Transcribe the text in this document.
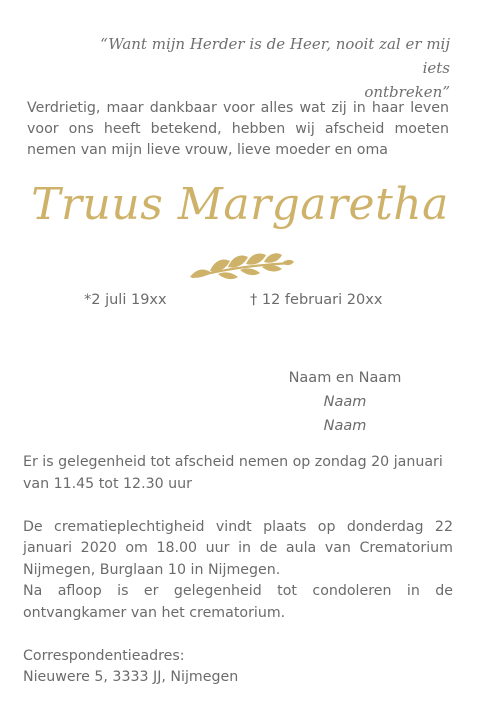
“Want mijn Herder is de Heer, nooit zal er mij iets
ontbreken”
Verdrietig, maar dankbaar voor alles wat zij in haar leven voor ons heeft betekend, hebben wij afscheid moeten nemen van mijn lieve vrouw, lieve moeder en oma
Truus Margaretha
*2 juli 19xx	† 12 februari 20xx
Naam en Naam
Naam
Naam

Er is gelegenheid tot afscheid nemen op zondag 20 januari van 11.45 tot 12.30 uur

De crematieplechtigheid vindt plaats op donderdag 22 januari 2020 om 18.00 uur in de aula van Crematorium Nijmegen, Burglaan 10 in Nijmegen.

Na afloop is er gelegenheid tot condoleren in de ontvangkamer van het crematorium.

Correspondentieadres:
Nieuwere 5, 3333 JJ, Nijmegen
